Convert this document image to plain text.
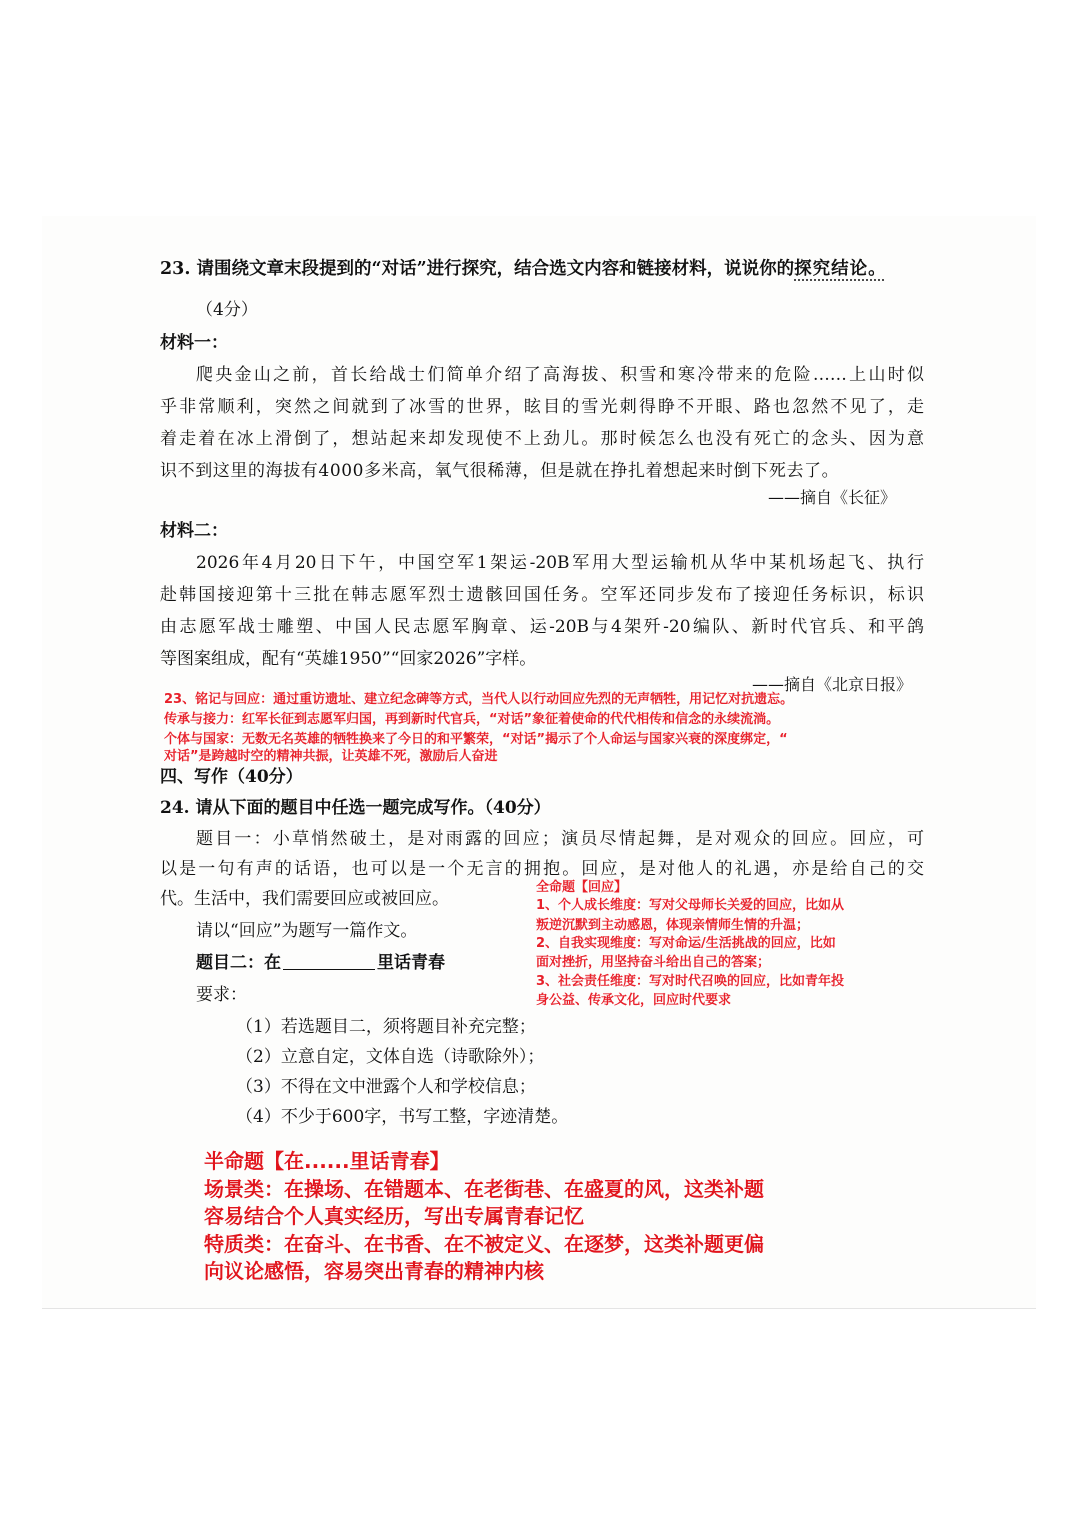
23. 请围绕文章末段提到的“对话”进行探究，结合选文内容和链接材料，说说你的探究结论。
（4分）
材料一：
爬央金山之前，首长给战士们简单介绍了高海拔、积雪和寒冷带来的危险……上山时似
乎非常顺利，突然之间就到了冰雪的世界，眩目的雪光刺得睁不开眼、路也忽然不见了，走
着走着在冰上滑倒了，想站起来却发现使不上劲儿。那时候怎么也没有死亡的念头、因为意
识不到这里的海拔有4000多米高，氧气很稀薄，但是就在挣扎着想起来时倒下死去了。
——摘自《长征》
材料二：
2026年4月20日下午，中国空军1架运-20B军用大型运输机从华中某机场起飞、执行
赴韩国接迎第十三批在韩志愿军烈士遗骸回国任务。空军还同步发布了接迎任务标识，标识
由志愿军战士雕塑、中国人民志愿军胸章、运-20B与4架歼-20编队、新时代官兵、和平鸽
等图案组成，配有“英雄1950”“回家2026”字样。
——摘自《北京日报》
23、铭记与回应：通过重访遗址、建立纪念碑等方式，当代人以行动回应先烈的无声牺牲，用记忆对抗遗忘。
传承与接力：红军长征到志愿军归国，再到新时代官兵，“对话”象征着使命的代代相传和信念的永续流淌。
个体与国家：无数无名英雄的牺牲换来了今日的和平繁荣，“对话”揭示了个人命运与国家兴衰的深度绑定，“
对话”是跨越时空的精神共振，让英雄不死，激励后人奋进
四、写作（40分）
24. 请从下面的题目中任选一题完成写作。（40分）
题目一：小草悄然破土，是对雨露的回应；演员尽情起舞，是对观众的回应。回应，可
以是一句有声的话语，也可以是一个无言的拥抱。回应，是对他人的礼遇，亦是给自己的交
代。生活中，我们需要回应或被回应。
请以“回应”为题写一篇作文。
题目二：在	里话青春
要求：
（1）若选题目二，须将题目补充完整；
（2）立意自定，文体自选（诗歌除外）；
（3）不得在文中泄露个人和学校信息；
（4）不少于600字，书写工整，字迹清楚。
全命题【回应】
1、个人成长维度：写对父母师长关爱的回应，比如从
叛逆沉默到主动感恩，体现亲情师生情的升温；
2、自我实现维度：写对命运/生活挑战的回应，比如
面对挫折，用坚持奋斗给出自己的答案；
3、社会责任维度：写对时代召唤的回应，比如青年投
身公益、传承文化，回应时代要求
半命题【在......里话青春】
场景类：在操场、在错题本、在老街巷、在盛夏的风，这类补题
容易结合个人真实经历，写出专属青春记忆
特质类：在奋斗、在书香、在不被定义、在逐梦，这类补题更偏
向议论感悟，容易突出青春的精神内核
